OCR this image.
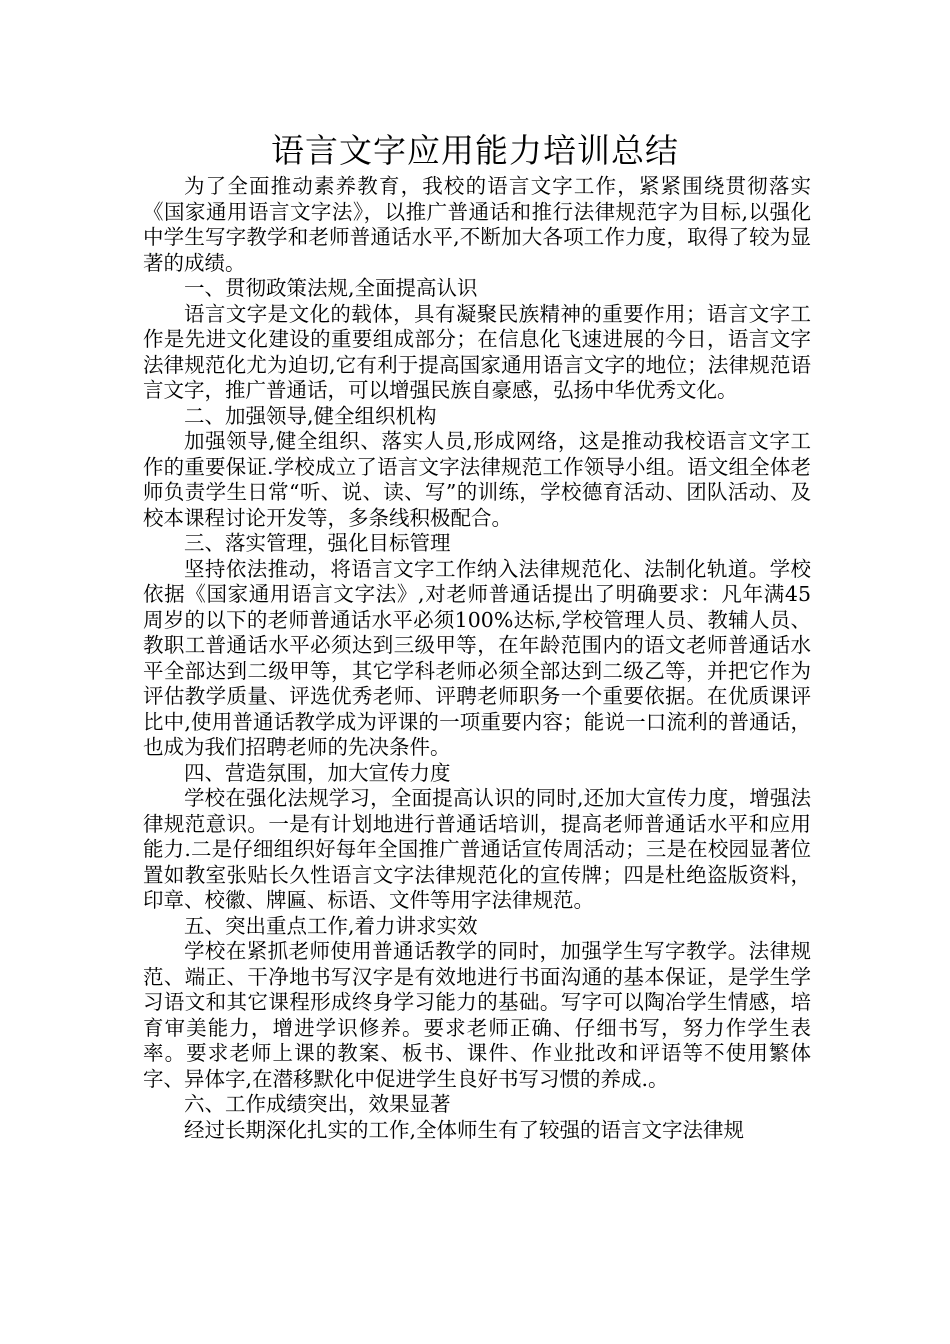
语言文字应用能力培训总结

为了全面推动素养教育，我校的语言文字工作，紧紧围绕贯彻落实《国家通用语言文字法》，以推广普通话和推行法律规范字为目标,以强化中学生写字教学和老师普通话水平,不断加大各项工作力度，取得了较为显著的成绩。

一、贯彻政策法规,全面提高认识

语言文字是文化的载体，具有凝聚民族精神的重要作用；语言文字工作是先进文化建设的重要组成部分；在信息化飞速进展的今日，语言文字法律规范化尤为迫切,它有利于提高国家通用语言文字的地位；法律规范语言文字，推广普通话，可以增强民族自豪感，弘扬中华优秀文化。

二、加强领导,健全组织机构

加强领导,健全组织、落实人员,形成网络，这是推动我校语言文字工作的重要保证.学校成立了语言文字法律规范工作领导小组。语文组全体老师负责学生日常“听、说、读、写”的训练，学校德育活动、团队活动、及校本课程讨论开发等，多条线积极配合。

三、落实管理，强化目标管理

坚持依法推动，将语言文字工作纳入法律规范化、法制化轨道。学校依据《国家通用语言文字法》,对老师普通话提出了明确要求：凡年满45周岁的以下的老师普通话水平必须100%达标,学校管理人员、教辅人员、教职工普通话水平必须达到三级甲等，在年龄范围内的语文老师普通话水平全部达到二级甲等，其它学科老师必须全部达到二级乙等，并把它作为评估教学质量、评选优秀老师、评聘老师职务一个重要依据。在优质课评比中,使用普通话教学成为评课的一项重要内容；能说一口流利的普通话，也成为我们招聘老师的先决条件。

四、营造氛围，加大宣传力度

学校在强化法规学习，全面提高认识的同时,还加大宣传力度，增强法律规范意识。一是有计划地进行普通话培训，提高老师普通话水平和应用能力.二是仔细组织好每年全国推广普通话宣传周活动；三是在校园显著位置如教室张贴长久性语言文字法律规范化的宣传牌；四是杜绝盗版资料，印章、校徽、牌匾、标语、文件等用字法律规范。

五、突出重点工作,着力讲求实效

学校在紧抓老师使用普通话教学的同时，加强学生写字教学。法律规范、端正、干净地书写汉字是有效地进行书面沟通的基本保证，是学生学习语文和其它课程形成终身学习能力的基础。写字可以陶冶学生情感，培育审美能力，增进学识修养。要求老师正确、仔细书写，努力作学生表率。要求老师上课的教案、板书、课件、作业批改和评语等不使用繁体字、异体字,在潜移默化中促进学生良好书写习惯的养成.。

六、工作成绩突出，效果显著

经过长期深化扎实的工作,全体师生有了较强的语言文字法律规
